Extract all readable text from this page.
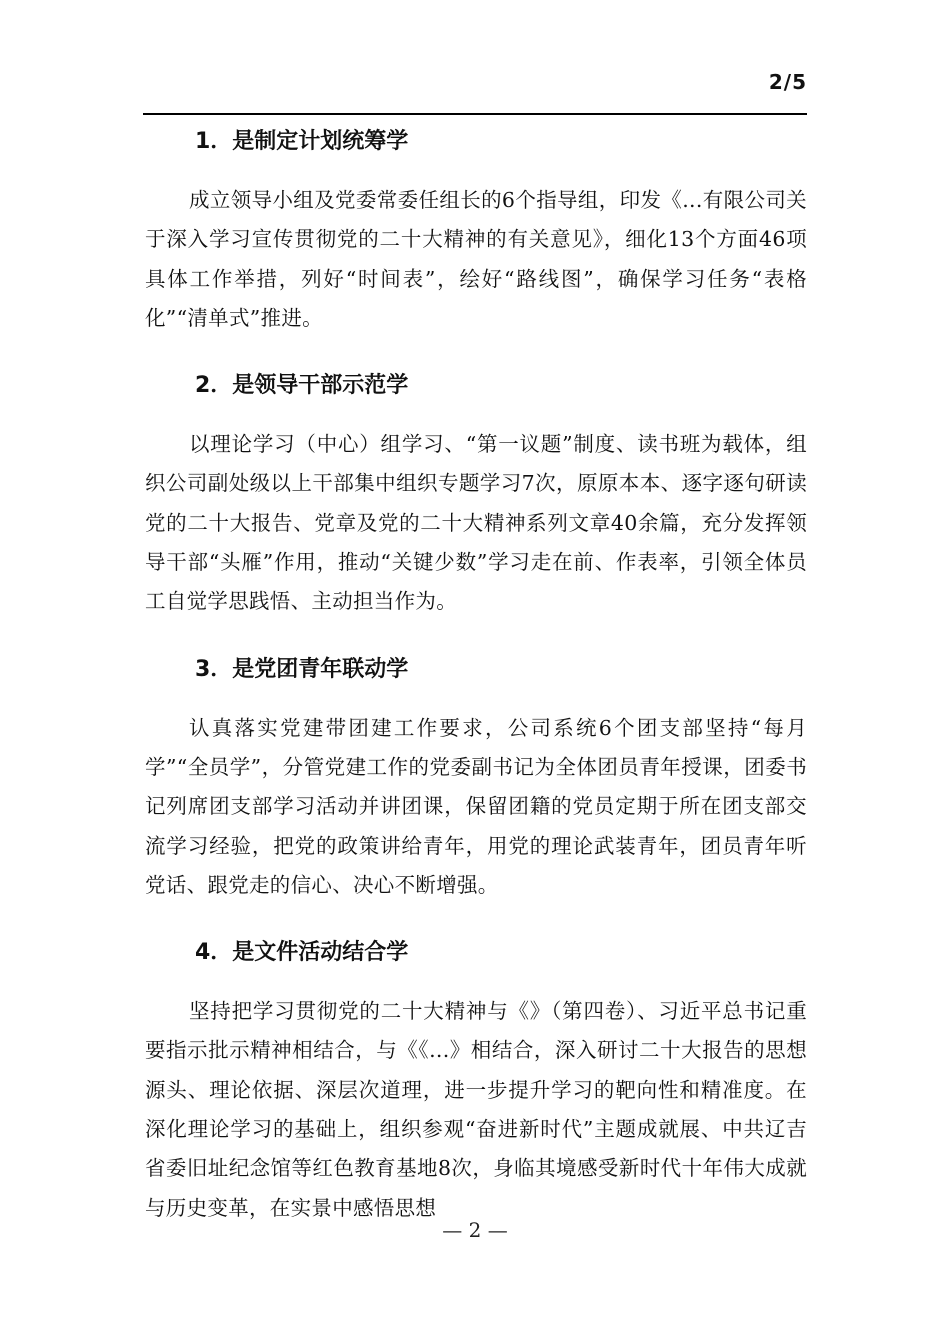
2/5
1．是制定计划统筹学

成立领导小组及党委常委任组长的6个指导组，印发《...有限公司关于深入学习宣传贯彻党的二十大精神的有关意见》，细化13个方面46项具体工作举措，列好“时间表”，绘好“路线图”，确保学习任务“表格化”“清单式”推进。

2．是领导干部示范学

以理论学习（中心）组学习、“第一议题”制度、读书班为载体，组织公司副处级以上干部集中组织专题学习7次，原原本本、逐字逐句研读党的二十大报告、党章及党的二十大精神系列文章40余篇，充分发挥领导干部“头雁”作用，推动“关键少数”学习走在前、作表率，引领全体员工自觉学思践悟、主动担当作为。

3．是党团青年联动学

认真落实党建带团建工作要求，公司系统6个团支部坚持“每月学”“全员学”，分管党建工作的党委副书记为全体团员青年授课，团委书记列席团支部学习活动并讲团课，保留团籍的党员定期于所在团支部交流学习经验，把党的政策讲给青年，用党的理论武装青年，团员青年听党话、跟党走的信心、决心不断增强。

4．是文件活动结合学

坚持把学习贯彻党的二十大精神与《》（第四卷）、习近平总书记重要指示批示精神相结合，与《《...》相结合，深入研讨二十大报告的思想源头、理论依据、深层次道理，进一步提升学习的靶向性和精准度。在深化理论学习的基础上，组织参观“奋进新时代”主题成就展、中共辽吉省委旧址纪念馆等红色教育基地8次，身临其境感受新时代十年伟大成就与历史变革，在实景中感悟思想

— 2 —
